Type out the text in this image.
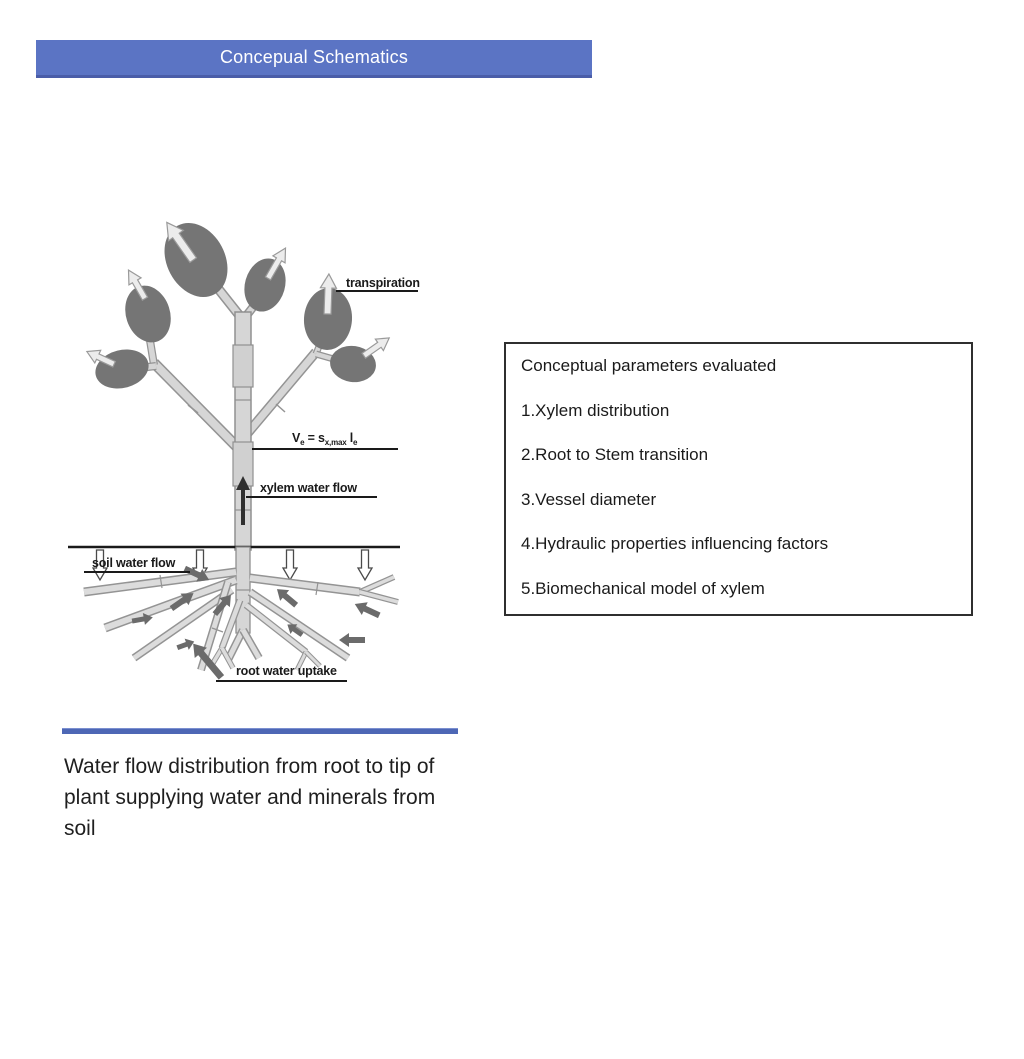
Concepual Schematics
transpiration
$V_e = s_{x,max}$ $l_e$
xylem water flow
soil water flow
root water uptake
Conceptual parameters evaluated
1.Xylem distribution
2.Root to Stem transition
3.Vessel diameter
4.Hydraulic properties influencing factors
5.Biomechanical model of xylem
Water flow distribution from root to tip of plant supplying water and minerals from soil
